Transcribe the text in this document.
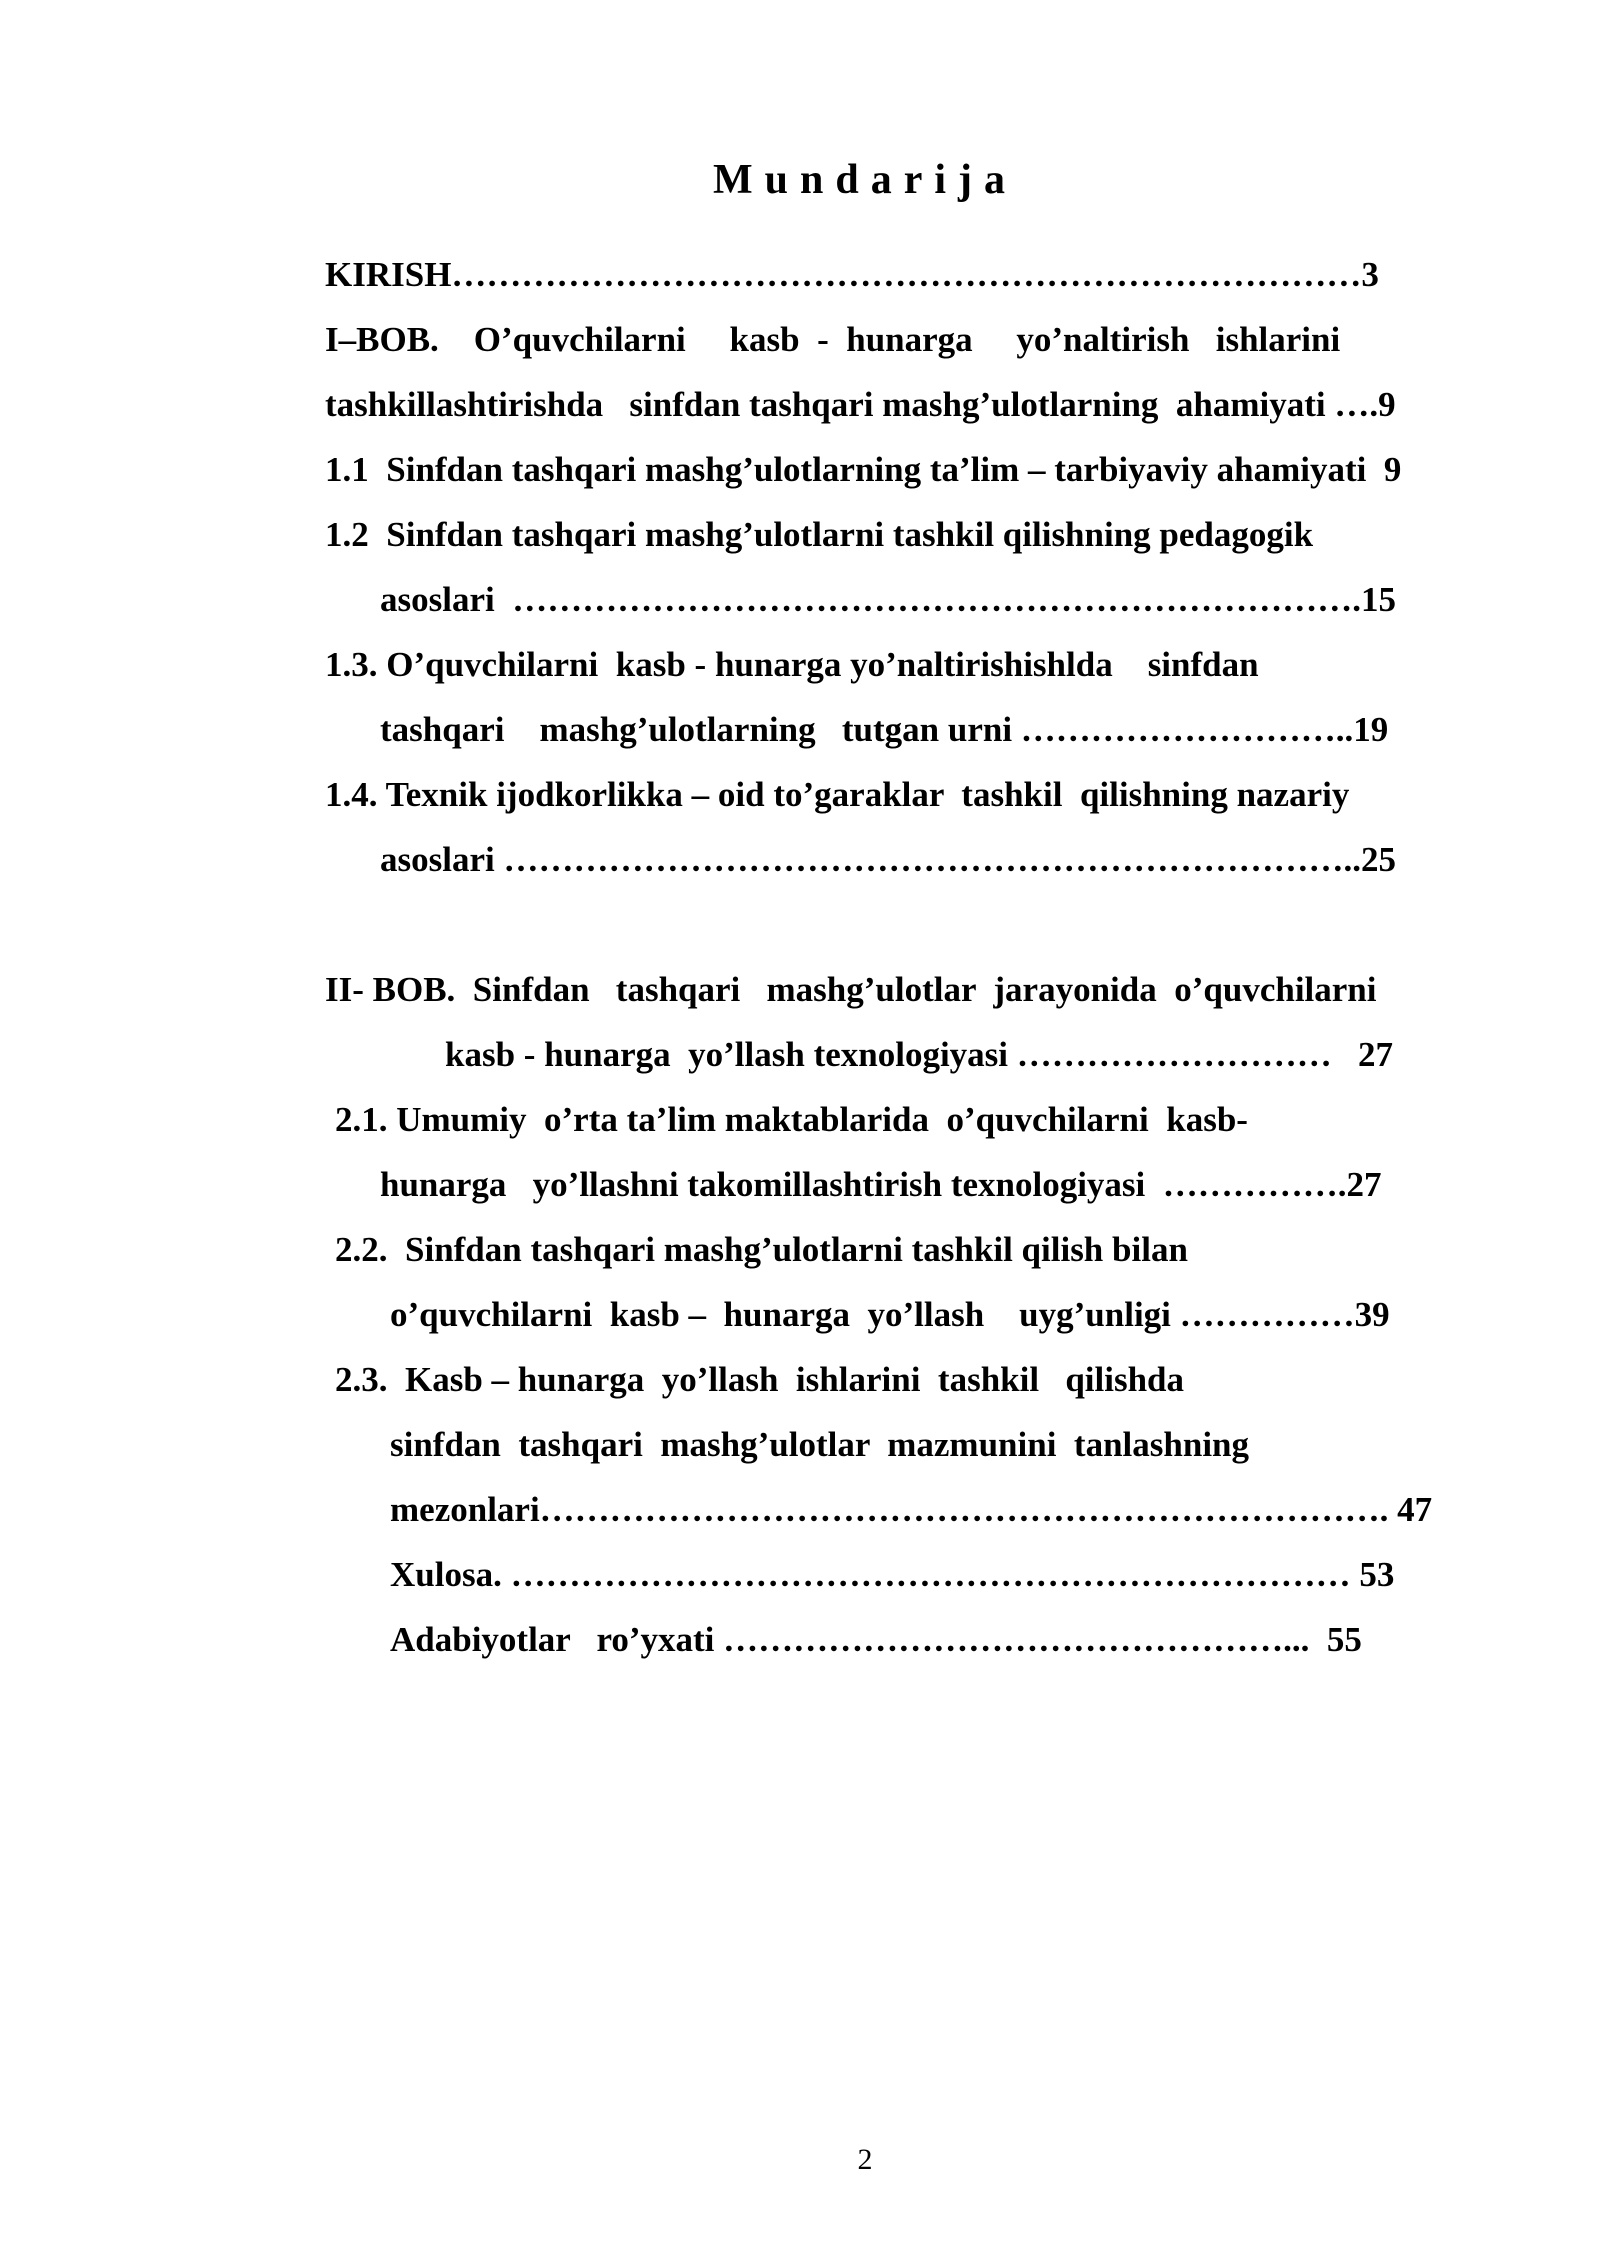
Mundarija
KIRISH……………………………………………………………………3
I–BOB.    O’quvchilarni     kasb  -  hunarga     yo’naltirish   ishlarini
tashkillashtirishda   sinfdan tashqari mashg’ulotlarning  ahamiyati ….9
1.1  Sinfdan tashqari mashg’ulotlarning ta’lim – tarbiyaviy ahamiyati  9
1.2  Sinfdan tashqari mashg’ulotlarni tashkil qilishning pedagogik
asoslari  ……………………………………………………………….15
1.3. O’quvchilarni  kasb - hunarga yo’naltirishishlda    sinfdan
tashqari    mashg’ulotlarning   tutgan urni ………………………..19
1.4. Texnik ijodkorlikka – oid to’garaklar  tashkil  qilishning nazariy
asoslari ………………………………………………………………..25
II- BOB.  Sinfdan   tashqari   mashg’ulotlar  jarayonida  o’quvchilarni
kasb - hunarga  yo’llash texnologiyasi ………………………   27
2.1. Umumiy  o’rta ta’lim maktablarida  o’quvchilarni  kasb-
hunarga   yo’llashni takomillashtirish texnologiyasi  …………….27
2.2.  Sinfdan tashqari mashg’ulotlarni tashkil qilish bilan
o’quvchilarni  kasb –  hunarga  yo’llash    uyg’unligi ……………39
2.3.  Kasb – hunarga  yo’llash  ishlarini  tashkil   qilishda
sinfdan  tashqari  mashg’ulotlar  mazmunini  tanlashning
mezonlari………………………………………………………………. 47
Xulosa. ……………………………………………………………… 53
Adabiyotlar   ro’yxati …………………………………………...  55
2
